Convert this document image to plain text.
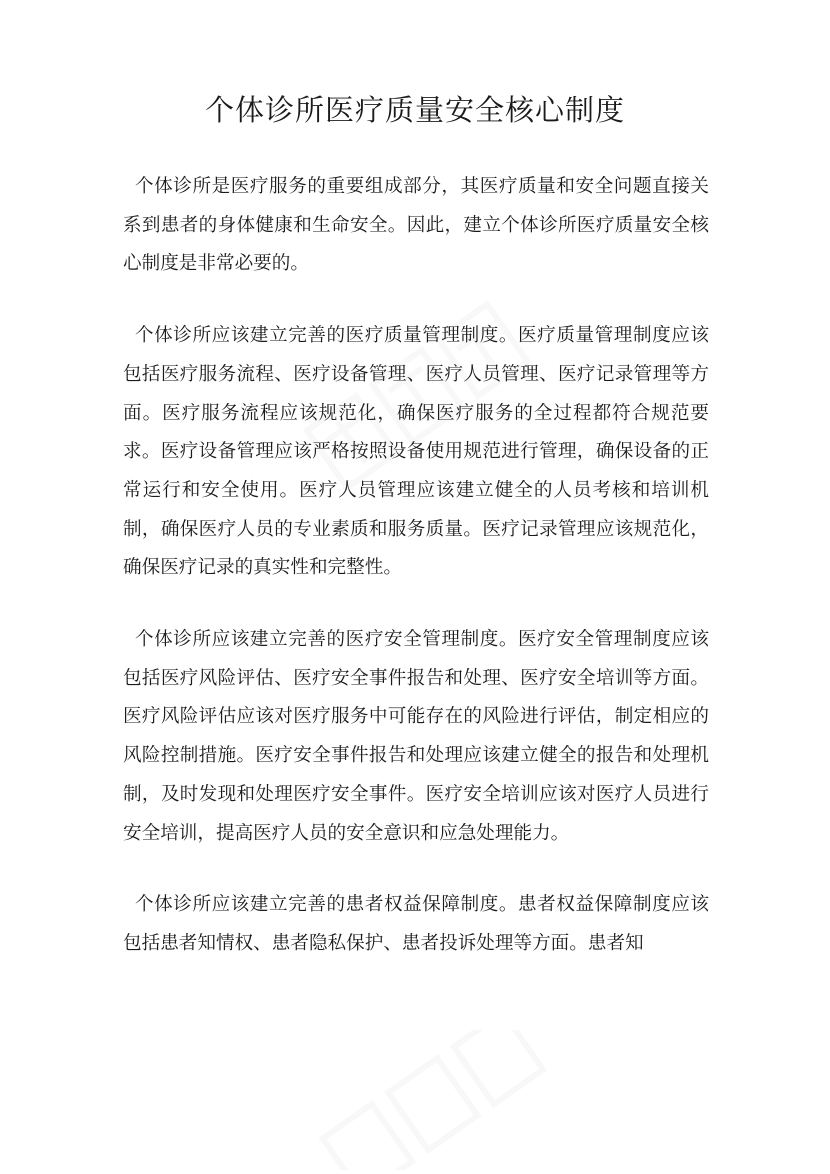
个体诊所医疗质量安全核心制度

个体诊所是医疗服务的重要组成部分，其医疗质量和安全问题直接关系到患者的身体健康和生命安全。因此，建立个体诊所医疗质量安全核心制度是非常必要的。

个体诊所应该建立完善的医疗质量管理制度。医疗质量管理制度应该包括医疗服务流程、医疗设备管理、医疗人员管理、医疗记录管理等方面。医疗服务流程应该规范化，确保医疗服务的全过程都符合规范要求。医疗设备管理应该严格按照设备使用规范进行管理，确保设备的正常运行和安全使用。医疗人员管理应该建立健全的人员考核和培训机制，确保医疗人员的专业素质和服务质量。医疗记录管理应该规范化，确保医疗记录的真实性和完整性。

个体诊所应该建立完善的医疗安全管理制度。医疗安全管理制度应该包括医疗风险评估、医疗安全事件报告和处理、医疗安全培训等方面。医疗风险评估应该对医疗服务中可能存在的风险进行评估，制定相应的风险控制措施。医疗安全事件报告和处理应该建立健全的报告和处理机制，及时发现和处理医疗安全事件。医疗安全培训应该对医疗人员进行安全培训，提高医疗人员的安全意识和应急处理能力。

个体诊所应该建立完善的患者权益保障制度。患者权益保障制度应该包括患者知情权、患者隐私保护、患者投诉处理等方面。患者知
